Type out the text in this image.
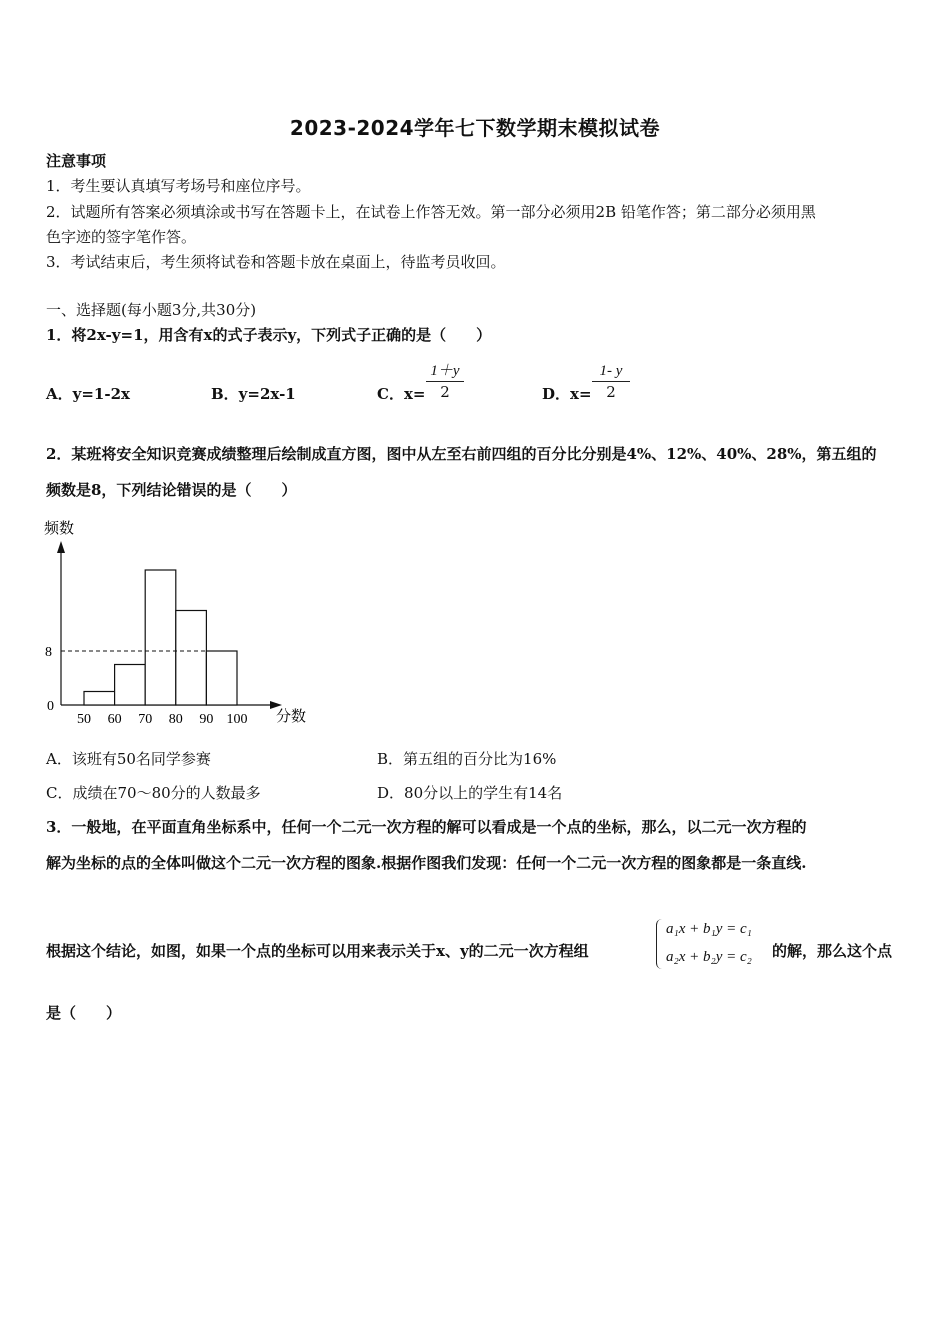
2023-2024学年七下数学期末模拟试卷
注意事项
1．考生要认真填写考场号和座位序号。
2．试题所有答案必须填涂或书写在答题卡上，在试卷上作答无效。第一部分必须用2B 铅笔作答；第二部分必须用黑
色字迹的签字笔作答。
3．考试结束后，考生须将试卷和答题卡放在桌面上，待监考员收回。
一、选择题(每小题3分,共30分)
1．将2x-y=1，用含有x的式子表示y，下列式子正确的是（　　）
A．y=1-2x	B．y=2x-1	C．x=
1＋y
2	D．x=
1- y
2
2．某班将安全知识竞赛成绩整理后绘制成直方图，图中从左至右前四组的百分比分别是4%、12%、40%、28%，第五组的
频数是8，下列结论错误的是（　　）
8
0
50 60 70 80 90 100
频数
分数
A．该班有50名同学参赛	B．第五组的百分比为16%
C．成绩在70～80分的人数最多	D．80分以上的学生有14名
3．一般地，在平面直角坐标系中，任何一个二元一次方程的解可以看成是一个点的坐标，那么，以二元一次方程的
解为坐标的点的全体叫做这个二元一次方程的图象.根据作图我们发现：任何一个二元一次方程的图象都是一条直线.
根据这个结论，如图，如果一个点的坐标可以用来表示关于x、y的二元一次方程组
a₁x + b₁y = c₁
a₂x + b₂y = c₂ 的解，那么这个点
是（　　）
